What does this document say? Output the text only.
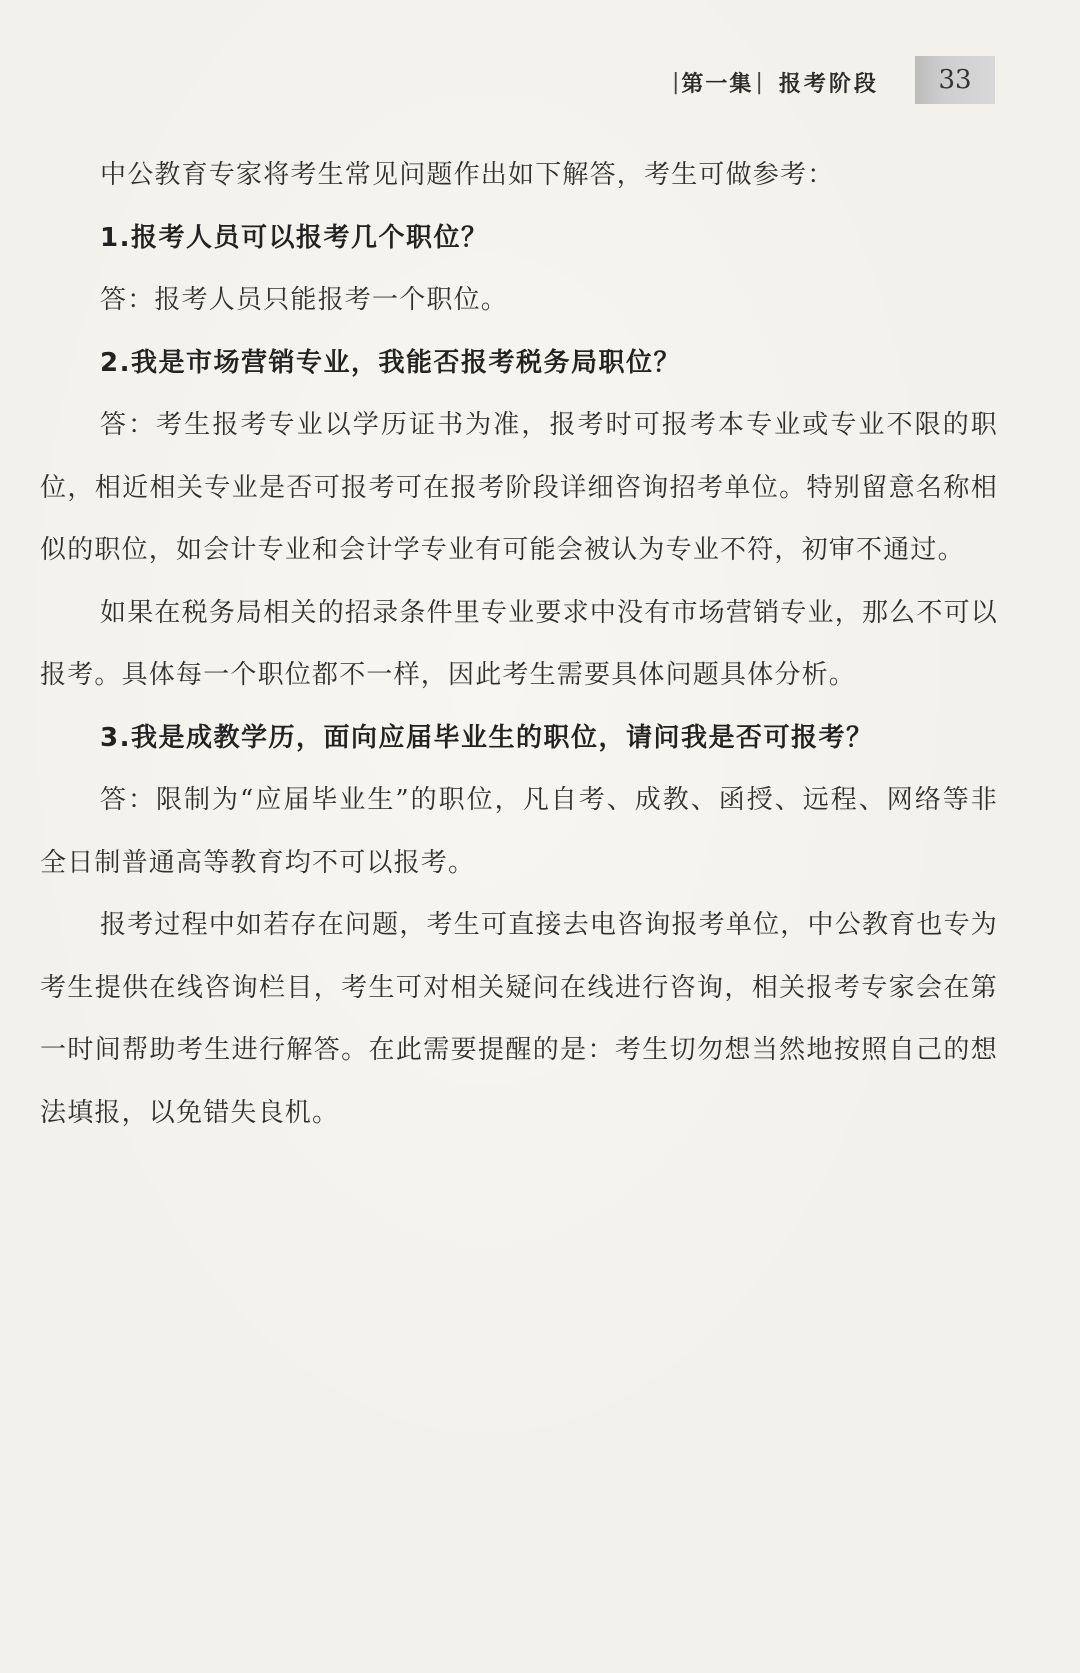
| 第一集 | 报考阶段 33

中公教育专家将考生常见问题作出如下解答，考生可做参考：

1.报考人员可以报考几个职位？

答：报考人员只能报考一个职位。

2.我是市场营销专业，我能否报考税务局职位？

答：考生报考专业以学历证书为准，报考时可报考本专业或专业不限的职位，相近相关专业是否可报考可在报考阶段详细咨询招考单位。特别留意名称相似的职位，如会计专业和会计学专业有可能会被认为专业不符，初审不通过。

如果在税务局相关的招录条件里专业要求中没有市场营销专业，那么不可以报考。具体每一个职位都不一样，因此考生需要具体问题具体分析。

3.我是成教学历，面向应届毕业生的职位，请问我是否可报考？

答：限制为“应届毕业生”的职位，凡自考、成教、函授、远程、网络等非全日制普通高等教育均不可以报考。

报考过程中如若存在问题，考生可直接去电咨询报考单位，中公教育也专为考生提供在线咨询栏目，考生可对相关疑问在线进行咨询，相关报考专家会在第一时间帮助考生进行解答。在此需要提醒的是：考生切勿想当然地按照自己的想法填报，以免错失良机。
